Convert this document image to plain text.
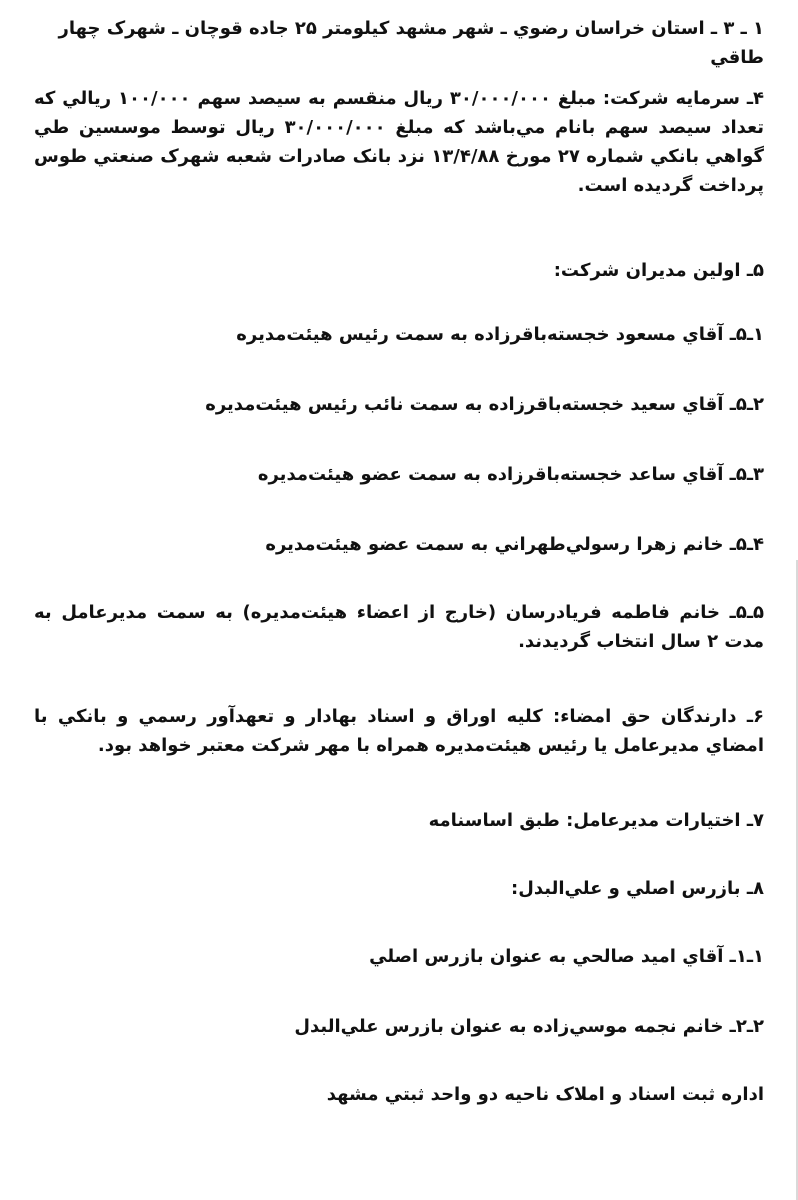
۱ ـ ۳ ـ استان خراسان رضوي ـ شهر مشهد كيلومتر ۲۵ جاده قوچان ـ شهرک چهار طاقي

۴ـ سرمايه شركت: مبلغ ۳۰/۰۰۰/۰۰۰ ريال منقسم به سيصد سهم ۱۰۰/۰۰۰ ريالي كه تعداد سيصد سهم بانام مي‌باشد كه مبلغ ۳۰/۰۰۰/۰۰۰ ريال توسط موسسين طي گواهي بانكي شماره ۲۷ مورخ ۱۳/۴/۸۸ نزد بانک صادرات شعبه شهرک صنعتي طوس پرداخت گرديده است.

۵ـ اولين مديران شركت:

۱ـ۵ـ آقاي مسعود خجسته‌باقرزاده به سمت رئيس هيئت‌مديره

۲ـ۵ـ آقاي سعيد خجسته‌باقرزاده به سمت نائب رئيس هيئت‌مديره

۳ـ۵ـ آقاي ساعد خجسته‌باقرزاده به سمت عضو هيئت‌مديره

۴ـ۵ـ خانم زهرا رسولي‌طهراني به سمت عضو هيئت‌مديره

۵ـ۵ـ خانم فاطمه فريادرسان (خارج از اعضاء هيئت‌مديره) به سمت مديرعامل به مدت ۲ سال انتخاب گرديدند.

۶ـ دارندگان حق امضاء: كليه اوراق و اسناد بهادار و تعهدآور رسمي و بانكي با امضاي مديرعامل يا رئيس هيئت‌مديره همراه با مهر شركت معتبر خواهد بود.

۷ـ اختيارات مديرعامل: طبق اساسنامه

۸ـ بازرس اصلي و علي‌البدل:

۱ـ۱ـ آقاي اميد صالحي به عنوان بازرس اصلي

۲ـ۲ـ خانم نجمه موسي‌زاده به عنوان بازرس علي‌البدل

اداره ثبت اسناد و املاک ناحيه دو واحد ثبتي مشهد
